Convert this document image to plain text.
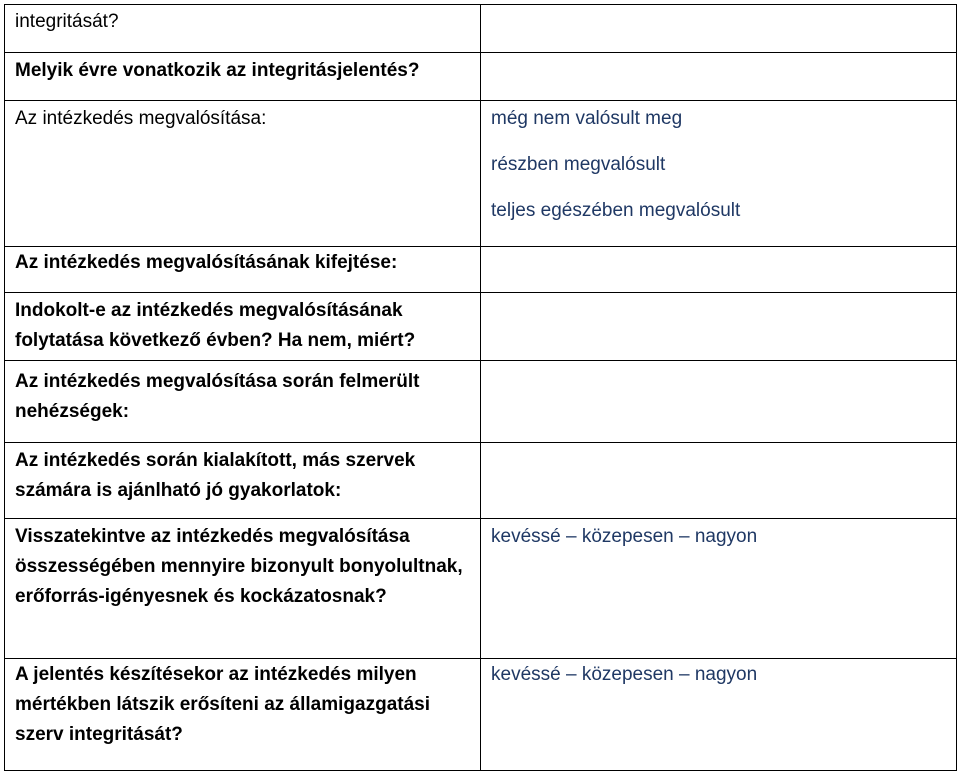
integritását?	
Melyik évre vonatkozik az integritásjelentés?	
Az intézkedés megvalósítása:	még nem valósult meg
részben megvalósult
teljes egészében megvalósult

Az intézkedés megvalósításának kifejtése:	
Indokolt-e az intézkedés megvalósításának folytatása következő évben? Ha nem, miért?	
Az intézkedés megvalósítása során felmerült nehézségek:	
Az intézkedés során kialakított, más szervek számára is ajánlható jó gyakorlatok:	
Visszatekintve az intézkedés megvalósítása összességében mennyire bizonyult bonyolultnak, erőforrás-igényesnek és kockázatosnak?	kevéssé – közepesen – nagyon
A jelentés készítésekor az intézkedés milyen mértékben látszik erősíteni az államigazgatási szerv integritását?	kevéssé – közepesen – nagyon
